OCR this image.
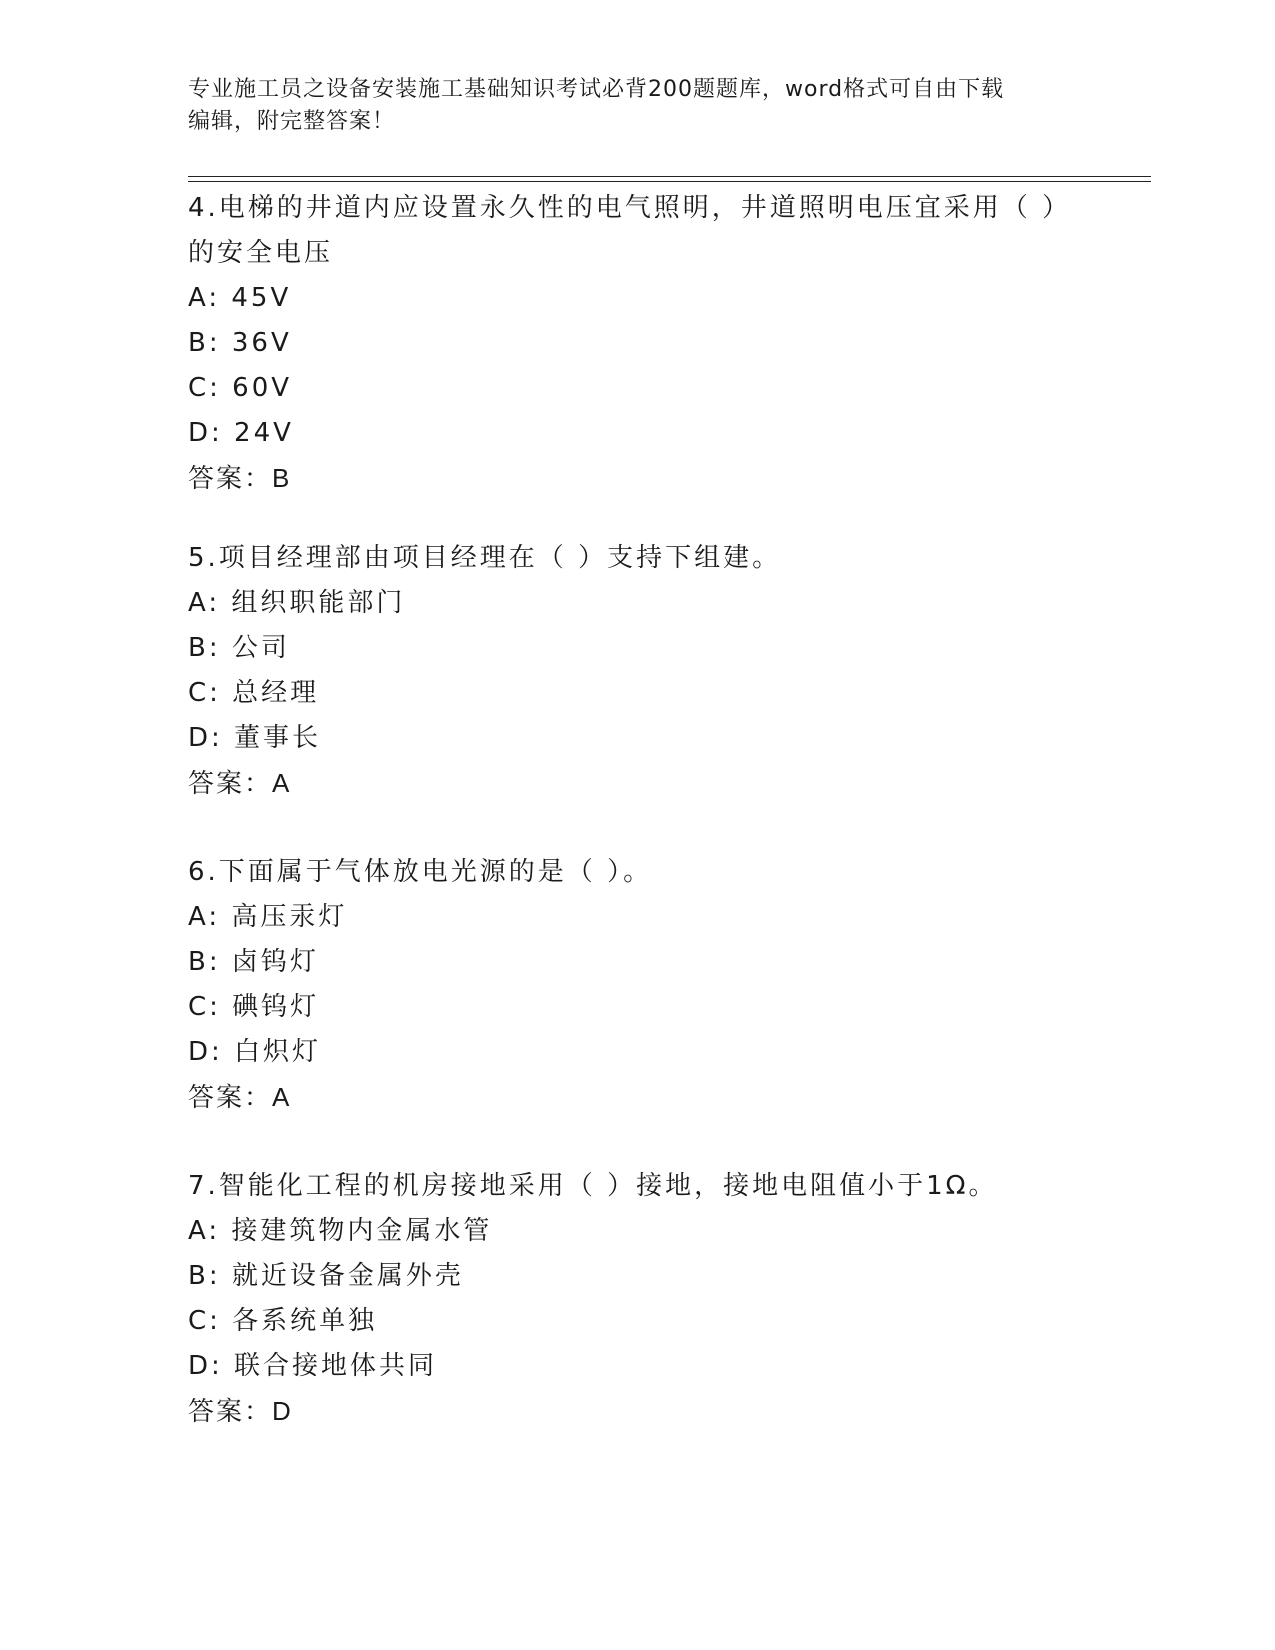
专业施工员之设备安装施工基础知识考试必背200题题库，word格式可自由下载
编辑，附完整答案！
4.电梯的井道内应设置永久性的电气照明，井道照明电压宜采用（ ）
的安全电压
A: 45V
B: 36V
C: 60V
D: 24V
答案：B
5.项目经理部由项目经理在（ ）支持下组建。
A: 组织职能部门
B: 公司
C: 总经理
D: 董事长
答案：A
6.下面属于气体放电光源的是（ ）。
A: 高压汞灯
B: 卤钨灯
C: 碘钨灯
D: 白炽灯
答案：A
7.智能化工程的机房接地采用（ ）接地，接地电阻值小于1Ω。
A: 接建筑物内金属水管
B: 就近设备金属外壳
C: 各系统单独
D: 联合接地体共同
答案：D
